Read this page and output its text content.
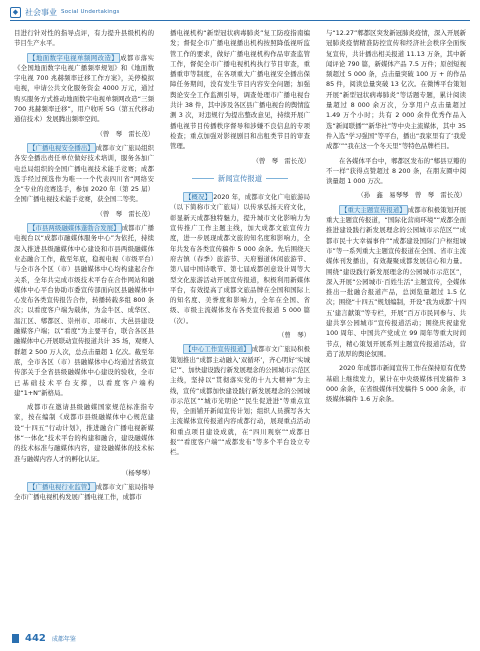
◆ 社会事业 Social Undertakings

目进行针对性的指导点评，有力提升县级机构的节目生产水平。

【地面数字电视单频网改造】 成都市落实《全国地面数字电视广播频率规划》和《地面数字电视 700 兆赫频率迁移工作方案》，关停模拟电视，申请公共文化服务资金 4000 万元，通过购买服务方式推动地面数字电视单频网改造“三频 700 兆赫频率迁移”，用户收听 5G（第五代移动通信技术）发展腾出频率空间。

（曾　琴　雷长茂）

【广播电视安全播出】 成都市文广旅局组织各安全播出责任单位做好技术培训，服务各加广电总局组织的全国广播电视技术能手竞赛；成都选手经过预选作为唯一一个代表四川省“网络安全”专业的竞赛选手，参加 2020 年（第 25 届）全国广播电视技术能手竞赛，获全国二等奖。

（曾　琴　雷长茂）

【市县两级融媒体蓬勃合发展】 成都市广播电视台以“成都市融媒体服务中心”为依托，持续深入推进县级融媒体中心建设和市县两级融媒体业态融合工作，截至年底，稳视电视（市级平台）与全市各个区（市）县融媒体中心均构建起合作关系，全年共完成市级技术平台在合作网站和融媒体中心平台协助市委宣传部面向区县融媒体中心发布各类宣传报告合作，转播转载多组 800 条次；以看度客户端为载体，为金牛区、成华区、温江区、郫都区、崇州市、邛崃市、大邑县建设融媒客户端；以“看度”为主要平台，联合各区县融媒体中心开展联动宣传报道共计 35 场，观赛人群超 2 500 万人次，总点击量超 1 亿次。截至年底，全市各区（市）县融媒体中心均通过省级宣传部关于全省县级融媒体中心建设的验收，全市已基础技术平台支撑，以看度客户端构建“1+N”新格局。

成都市在邀请县级融媒国家规范标准指专家，按在编制《成都市县级融媒体中心规范建设“十四五”行动计划》，推进融合广播电视新媒体“一体化”技术平台的构建和融合，建设融媒体的技术标准与融媒体内容，建设融媒体的技术标准与融媒内容人才的孵化认证。

（杨琴琴）

【广播电视行业监管】 成都市文广旅局指导全市广播电视机构发展广播电视工作，成都市

播电视机构“新型冠状病毒肺炎”复工防疫指南编发；督促全市广播电视播出机构按照降低视听监管工作的要求，做好广播电视机构作品审查监管工作，督促全市广播电视机构执行节目审查，重播重审等制度，在各项重大广播电视安全播出保障任务期间，没有发生节目内容安全问题；加强舆论安全工作监测引导，调查处理市广播电视台共计 38 件，其中涉及各区县广播电视台的舆情监测 3 次，对违规行为提出整改意见，持续开展广播电视节目传播秩序督导和涉嫌不良信息的专项检查；重点加强对影视剧目和出租类节目的审查管理。

（曾　琴　雷长茂）

新闻宣传报道

【概况】 2020 年，成都市文化广电旅游局（以下简称市文广旅局）以传承弘扬天府文化，彰显新天成都独特魅力，提升城市文化影响力为宣传推广工作主题主线，加大成都文旅宣传力度，进一步展现成都文旅的知名度和影响力，全年共发布各类宣传稿件 5 000 余条。先后围绕天府古镇（春季）旅游节、天府蜀道休闲旅游节、第八届中国诗歌节、第七届成都创意设计周等大型文化旅游活动开展宣传报道，积极利用新媒体平台，有效提高了成都文旅品牌在全国和国际上的知名度、美誉度和影响力，全年在全国、省级、市级主流媒体发布各类宣传报道 5 000 篇（次）。

（曾　琴）

【中心工作宣传报道】 成都市文广旅局积极策划推出“成都主动融入‘双循环’，齐心明好‘实城记’”、加快建设践行新发展理念的公园城市示范区主线，坚持以“贯彻落实党的十九大精神”为主线，宣传“成都加快建设践行新发展理念的公园城市示范区”“城市光明论”“民生促进进”等重点宣传，全面铺开新闻宣传计划；组织人员撰写各大主流媒体宣传报道内容成都行动，展现重点活动和重点项目建设成就，在“四川观察”“成都日报”“看度客户端”“成都发布”等多个平台设立专栏。

与“12.27”郫都区突发新冠肺炎疫情，深入开展新冠肺炎疫情精准防控宣传和经济社会秩序全面恢复宣传，共计播出相关报道 11.13 万条，其中新闻评论 790 篇，新媒体产品 7.5 万件；原创短视频超过 5 000 条，点击量突破 100 万 + 的作品 85 件，阅读总量突破 13 亿次。在微博平台策划开展“新型冠状病毒肺炎”等话题专题，累计阅读量超过 8 000 余万次，分享用户点击量超过 1.49 万个小时；共有 2 000 余件优秀作品入选“新闻联播”“新华社”等中央主流媒体，其中 35 件入选“学习强国”等平台，播出“我家里有了‘我爱成都’”“我在这一个冬天里”等特色品牌栏目。

在各媒体平台中，郫都区发布的“郫县豆瓣的不一样”获得点赞超过 8 200 条，在朋友圈中阅读量超 1 000 万次。

（孙　鑫　易琴琴　曾　琴　雷长茂）

【重大主题宣传报道】 成都市积极策划开展重大主题宣传报道，“国际化营商环境”“成都全面推进建设践行新发展理念的公园城市示范区”“成都市民十大幸福事件”“成都建设国际门户枢纽城市”等一系列重大主题宣传报道在全国、省市主流媒体刊发播出，有效凝聚成都发展信心和力量。围绕“建设践行新发展理念的公园城市示范区”，深入开展“公园城市·百姓生活”主题宣传，全媒体推出一批融合报道产品，总浏览量超过 1.5 亿次；围绕“十四五”规划编制，开设“我为成都‘十四五’建言献策”等专栏，开展“百万市民同参与、共建共享公园城市”宣传报道活动；围绕庆祝建党 100 周年、中国共产党成立 99 周年等重大时间节点，精心策划开展系列主题宣传报道活动，营造了浓厚的舆论氛围。

2020 年成都市新闻宣传工作在保持原有优势基础上继续发力，累计在中央级媒体刊发稿件 3 000 余条，在省级媒体刊发稿件 5 000 余条，市级媒体稿件 1.6 万余条。

442 成都年鉴
